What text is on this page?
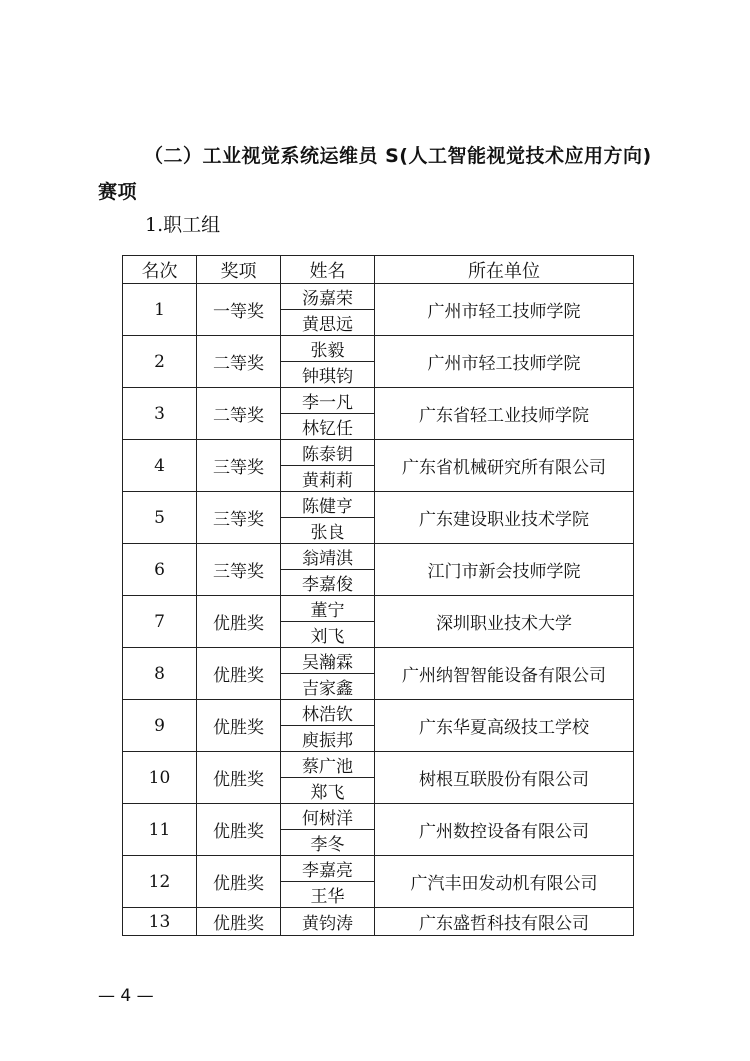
（二）工业视觉系统运维员 S(人工智能视觉技术应用方向)
赛项
1.职工组
名次	奖项	姓名	所在单位
1	一等奖	汤嘉荣	广州市轻工技师学院
		黄思远	
2	二等奖	张毅	广州市轻工技师学院
		钟琪钧	
3	二等奖	李一凡	广东省轻工业技师学院
		林钇任	
4	三等奖	陈泰钥	广东省机械研究所有限公司
		黄莉莉	
5	三等奖	陈健亨	广东建设职业技术学院
		张良	
6	三等奖	翁靖淇	江门市新会技师学院
		李嘉俊	
7	优胜奖	董宁	深圳职业技术大学
		刘飞	
8	优胜奖	吴瀚霖	广州纳智智能设备有限公司
		吉家鑫	
9	优胜奖	林浩钦	广东华夏高级技工学校
		庾振邦	
10	优胜奖	蔡广池	树根互联股份有限公司
		郑飞	
11	优胜奖	何树洋	广州数控设备有限公司
		李冬	
12	优胜奖	李嘉亮	广汽丰田发动机有限公司
		王华	
13	优胜奖	黄钧涛	广东盛哲科技有限公司
— 4 —
